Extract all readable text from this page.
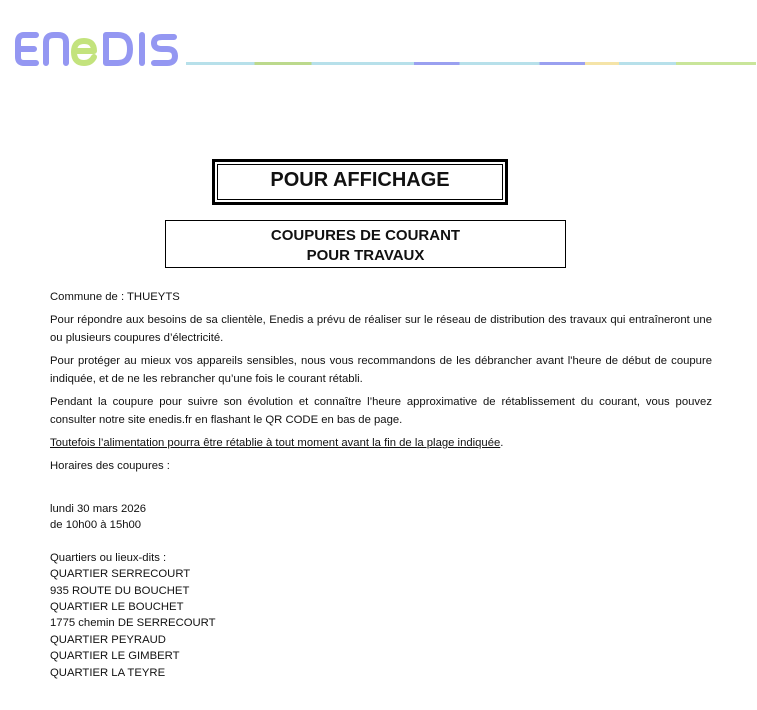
POUR AFFICHAGE
COUPURES DE COURANT
POUR TRAVAUX

Commune de : THUEYTS

Pour répondre aux besoins de sa clientèle, Enedis a prévu de réaliser sur le réseau de distribution des travaux qui entraîneront une ou plusieurs coupures d’électricité.

Pour protéger au mieux vos appareils sensibles, nous vous recommandons de les débrancher avant l'heure de début de coupure indiquée, et de ne les rebrancher qu’une fois le courant rétabli.

Pendant la coupure pour suivre son évolution et connaître l’heure approximative de rétablissement du courant, vous pouvez consulter notre site enedis.fr en flashant le QR CODE en bas de page.

Toutefois l’alimentation pourra être rétablie à tout moment avant la fin de la plage indiquée.

Horaires des coupures :

lundi 30 mars 2026
de 10h00 à 15h00
Quartiers ou lieux-dits :
QUARTIER SERRECOURT
935 ROUTE DU BOUCHET
QUARTIER LE BOUCHET
1775 chemin DE SERRECOURT
QUARTIER PEYRAUD
QUARTIER LE GIMBERT
QUARTIER LA TEYRE
